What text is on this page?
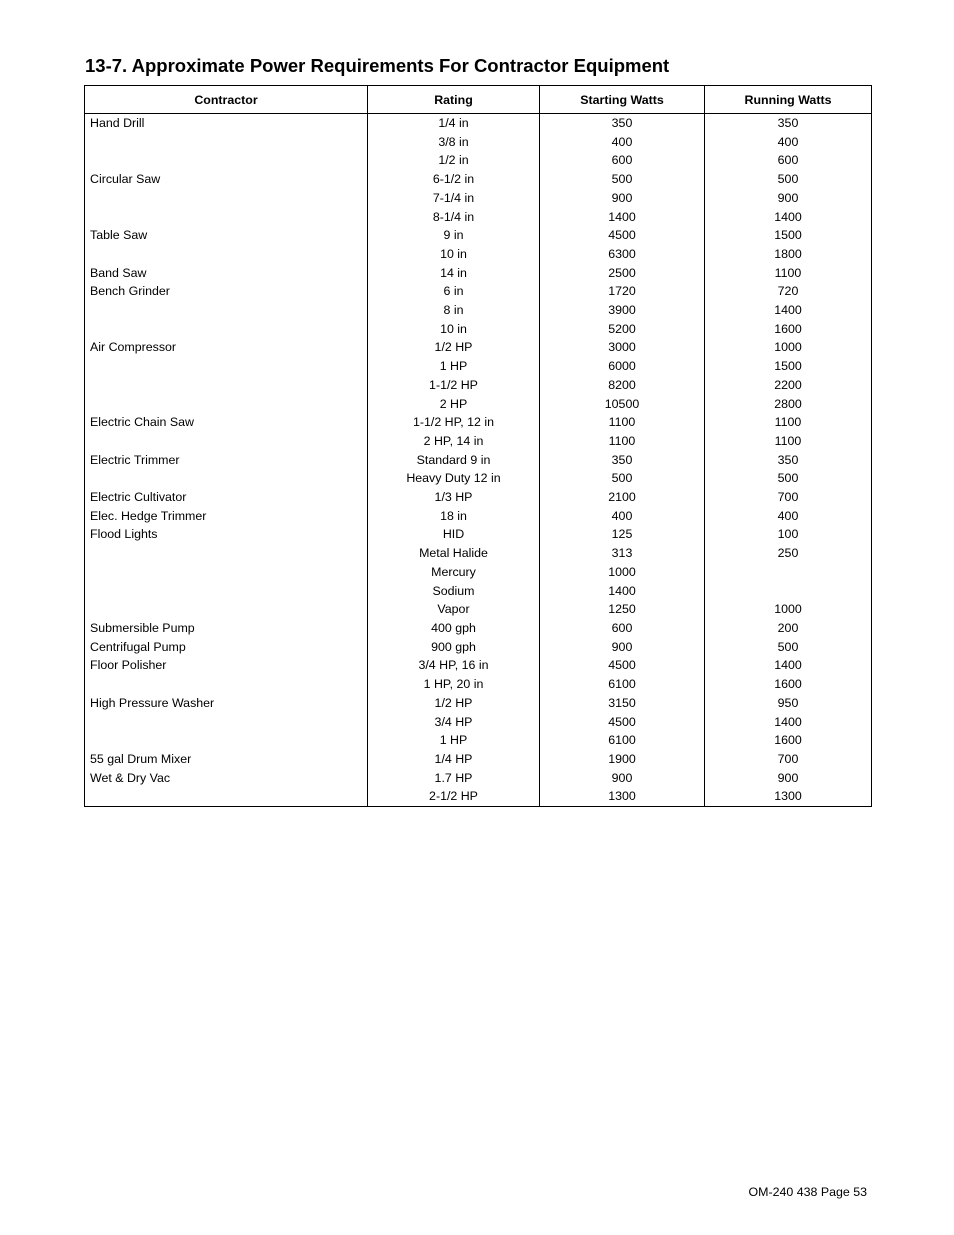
13-7. Approximate Power Requirements For Contractor Equipment
Contractor	Rating	Starting Watts	Running Watts
Hand Drill	1/4 in	350	350
	3/8 in	400	400
	1/2 in	600	600
Circular Saw	6-1/2 in	500	500
	7-1/4 in	900	900
	8-1/4 in	1400	1400
Table Saw	9 in	4500	1500
	10 in	6300	1800
Band Saw	14 in	2500	1100
Bench Grinder	6 in	1720	720
	8 in	3900	1400
	10 in	5200	1600
Air Compressor	1/2 HP	3000	1000
	1 HP	6000	1500
	1-1/2 HP	8200	2200
	2 HP	10500	2800
Electric Chain Saw	1-1/2 HP, 12 in	1100	1100
	2 HP, 14 in	1100	1100
Electric Trimmer	Standard 9 in	350	350
	Heavy Duty 12 in	500	500
Electric Cultivator	1/3 HP	2100	700
Elec. Hedge Trimmer	18 in	400	400
Flood Lights	HID	125	100
	Metal Halide	313	250
	Mercury	1000	
	Sodium	1400	
	Vapor	1250	1000
Submersible Pump	400 gph	600	200
Centrifugal Pump	900 gph	900	500
Floor Polisher	3/4 HP, 16 in	4500	1400
	1 HP, 20 in	6100	1600
High Pressure Washer	1/2 HP	3150	950
	3/4 HP	4500	1400
	1 HP	6100	1600
55 gal Drum Mixer	1/4 HP	1900	700
Wet & Dry Vac	1.7 HP	900	900
	2-1/2 HP	1300	1300
OM-240 438 Page 53
